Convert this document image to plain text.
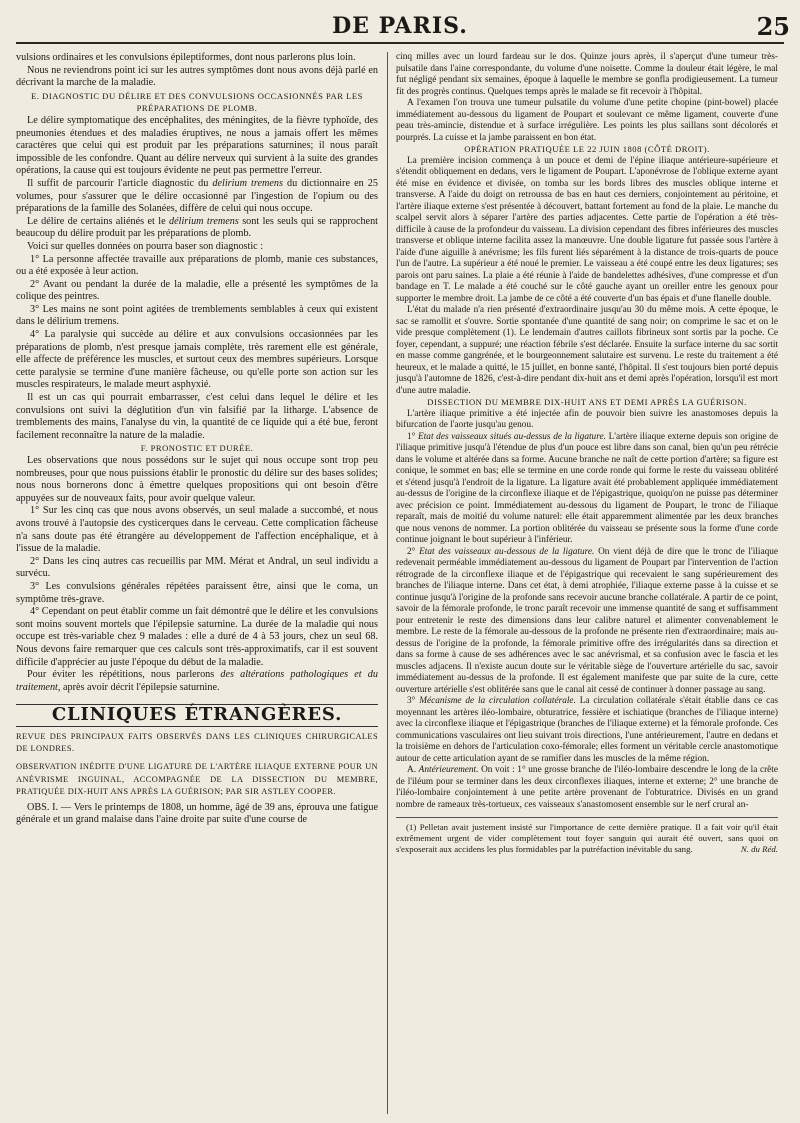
DE PARIS.	25

vulsions ordinaires et les convulsions épileptiformes, dont nous parlerons plus loin.

Nous ne reviendrons point ici sur les autres symptômes dont nous avons déjà parlé en décrivant la marche de la maladie.

E. DIAGNOSTIC DU DÉLIRE ET DES CONVULSIONS OCCASIONNÉS PAR LES PRÉPARATIONS DE PLOMB.

Le délire symptomatique des encéphalites, des méningites, de la fièvre typhoïde, des pneumonies étendues et des maladies éruptives, ne nous a jamais offert les mêmes caractères que celui qui est produit par les préparations saturnines; il nous paraît impossible de les confondre. Quant au délire nerveux qui survient à la suite des grandes opérations, la cause qui est toujours évidente ne peut pas permettre l'erreur.

Il suffit de parcourir l'article diagnostic du delirium tremens du dictionnaire en 25 volumes, pour s'assurer que le délire occasionné par l'ingestion de l'opium ou des préparations de la famille des Solanées, diffère de celui qui nous occupe.

Le délire de certains aliénés et le délirium tremens sont les seuls qui se rapprochent beaucoup du délire produit par les préparations de plomb.

Voici sur quelles données on pourra baser son diagnostic :

1° La personne affectée travaille aux préparations de plomb, manie ces substances, ou a été exposée à leur action.

2° Avant ou pendant la durée de la maladie, elle a présenté les symptômes de la colique des peintres.

3° Les mains ne sont point agitées de tremblements semblables à ceux qui existent dans le délirium tremens.

4° La paralysie qui succède au délire et aux convulsions occasionnées par les préparations de plomb, n'est presque jamais complète, très rarement elle est générale, elle affecte de préférence les muscles, et surtout ceux des membres supérieurs. Lorsque cette paralysie se termine d'une manière fâcheuse, ou qu'elle porte son action sur les muscles respirateurs, le malade meurt asphyxié.

Il est un cas qui pourrait embarrasser, c'est celui dans lequel le délire et les convulsions ont suivi la déglutition d'un vin falsifié par la litharge. L'absence de tremblements des mains, l'analyse du vin, la quantité de ce liquide qui a été bue, feront facilement reconnaître la nature de la maladie.

F. PRONOSTIC ET DURÉE.

Les observations que nous possédons sur le sujet qui nous occupe sont trop peu nombreuses, pour que nous puissions établir le pronostic du délire sur des bases solides; nous nous bornerons donc à émettre quelques propositions qui ont besoin d'être appuyées sur de nouveaux faits, pour avoir quelque valeur.

1° Sur les cinq cas que nous avons observés, un seul malade a succombé, et nous avons trouvé à l'autopsie des cysticerques dans le cerveau. Cette complication fâcheuse n'a sans doute pas été étrangère au développement de l'affection encéphalique, et à l'issue de la maladie.

2° Dans les cinq autres cas recueillis par MM. Mérat et Andral, un seul individu a survécu.

3° Les convulsions générales répétées paraissent être, ainsi que le coma, un symptôme très-grave.

4° Cependant on peut établir comme un fait démontré que le délire et les convulsions sont moins souvent mortels que l'épilepsie saturnine. La durée de la maladie qui nous occupe est très-variable chez 9 malades : elle a duré de 4 à 53 jours, chez un seul 68. Nous devons faire remarquer que ces calculs sont très-approximatifs, car il est souvent difficile d'apprécier au juste l'époque du début de la maladie.

Pour éviter les répétitions, nous parlerons des altérations pathologiques et du traitement, après avoir décrit l'épilepsie saturnine.

CLINIQUES ÉTRANGÈRES.

REVUE DES PRINCIPAUX FAITS OBSERVÉS DANS LES CLINIQUES CHIRURGICALES DE LONDRES.

OBSERVATION INÉDITE D'UNE LIGATURE DE L'ARTÈRE ILIAQUE EXTERNE POUR UN ANÉVRISME INGUINAL, ACCOMPAGNÉE DE LA DISSECTION DU MEMBRE, PRATIQUÉE DIX-HUIT ANS APRÈS LA GUÉRISON; PAR SIR ASTLEY COOPER.

OBS. I. — Vers le printemps de 1808, un homme, âgé de 39 ans, éprouva une fatigue générale et un grand malaise dans l'aine droite par suite d'une course de

cinq milles avec un lourd fardeau sur le dos. Quinze jours après, il s'aperçut d'une tumeur très-pulsatile dans l'aine correspondante, du volume d'une noisette. Comme la douleur était légère, le mal fut négligé pendant six semaines, époque à laquelle le membre se gonfla prodigieusement. La tumeur fit des progrès continus. Quelques temps après le malade se fit recevoir à l'hôpital.

A l'examen l'on trouva une tumeur pulsatile du volume d'une petite chopine (pint-bowel) placée immédiatement au-dessous du ligament de Poupart et soulevant ce même ligament, couverte d'une peau très-amincie, distendue et à surface irrégulière. Les points les plus saillans sont décolorés et pourprés. La cuisse et la jambe paraissent en bon état.

OPÉRATION PRATIQUÉE LE 22 JUIN 1808 (CÔTÉ DROIT).

La première incision commença à un pouce et demi de l'épine iliaque antérieure-supérieure et s'étendit obliquement en dedans, vers le ligament de Poupart. L'aponévrose de l'oblique externe ayant été mise en évidence et divisée, on tomba sur les bords libres des muscles oblique interne et transverse. A l'aide du doigt on retroussa de bas en haut ces derniers, conjointement au péritoine, et l'artère iliaque externe s'est présentée à découvert, battant fortement au fond de la plaie. Le manche du scalpel servit alors à séparer l'artère des parties adjacentes. Cette partie de l'opération a été très-difficile à cause de la profondeur du vaisseau. La division cependant des fibres inférieures des muscles transverse et oblique interne facilita assez la manœuvre. Une double ligature fut passée sous l'artère à l'aide d'une aiguille à anévrisme; les fils furent liés séparément à la distance de trois-quarts de pouce l'un de l'autre. La supérieur a été noué le premier. Le vaisseau a été coupé entre les deux ligatures; ses parois ont paru saines. La plaie a été réunie à l'aide de bandelettes adhésives, d'une compresse et d'un bandage en T. Le malade a été couché sur le côté gauche ayant un oreiller entre les genoux pour supporter le membre droit. La jambe de ce côté a été couverte d'un bas épais et d'une flanelle double.

L'état du malade n'a rien présenté d'extraordinaire jusqu'au 30 du même mois. A cette époque, le sac se ramollit et s'ouvre. Sortie spontanée d'une quantité de sang noir; on comprime le sac et on le vide presque complètement (1). Le lendemain d'autres caillots fibrineux sont sortis par la poche. Ce foyer, cependant, a suppuré; une réaction fébrile s'est déclarée. Ensuite la surface interne du sac sortit en masse comme gangrénée, et le bourgeonnement salutaire est survenu. Le reste du traitement a été heureux, et le malade a quitté, le 15 juillet, en bonne santé, l'hôpital. Il s'est toujours bien porté depuis jusqu'à l'automne de 1826, c'est-à-dire pendant dix-huit ans et demi après l'opération, lorsqu'il est mort d'une autre maladie.

DISSECTION DU MEMBRE DIX-HUIT ANS ET DEMI APRÈS LA GUÉRISON.

L'artère iliaque primitive a été injectée afin de pouvoir bien suivre les anastomoses depuis la bifurcation de l'aorte jusqu'au genou.

1° Etat des vaisseaux situés au-dessus de la ligature. L'artère iliaque externe depuis son origine de l'iliaque primitive jusqu'à l'étendue de plus d'un pouce est libre dans son canal, bien qu'un peu rétrécie dans le volume et altérée dans sa forme. Aucune branche ne naît de cette portion d'artère; sa figure est conique, le sommet en bas; elle se termine en une corde ronde qui forme le reste du vaisseau oblitéré et s'étend jusqu'à l'endroit de la ligature. La ligature avait été probablement appliquée immédiatement au-dessus de l'origine de la circonflexe iliaque et de l'épigastrique, quoiqu'on ne puisse pas déterminer avec précision ce point. Immédiatement au-dessous du ligament de Poupart, le tronc de l'iliaque reparaît, mais de moitié du volume naturel: elle était apparemment alimentée par les deux branches que nous venons de nommer. La portion oblitérée du vaisseau se présente sous la forme d'une corde continue joignant le bout supérieur à l'inférieur.

2° Etat des vaisseaux au-dessous de la ligature. On vient déjà de dire que le tronc de l'iliaque redevenait perméable immédiatement au-dessous du ligament de Poupart par l'intervention de l'action rétrograde de la circonflexe iliaque et de l'épigastrique qui recevaient le sang supérieurement des branches de l'iliaque interne. Dans cet état, à demi atrophiée, l'iliaque externe passe à la cuisse et se continue jusqu'à l'origine de la profonde sans recevoir aucune branche collatérale. A partir de ce point, savoir de la fémorale profonde, le tronc paraît recevoir une immense quantité de sang et suffisamment pour entretenir le reste des dimensions dans leur calibre naturel et alimenter convenablement le membre. Le reste de la fémorale au-dessous de la profonde ne présente rien d'extraordinaire; mais au-dessus de l'origine de la profonde, la fémorale primitive offre des irrégularités dans sa direction et dans sa forme à cause de ses adhérences avec le sac anévrismal, et sa confusion avec le fascia et les muscles adjacens. Il n'existe aucun doute sur le véritable siège de l'ouverture artérielle du sac, savoir immédiatement au-dessus de la profonde. Il est également manifeste que par suite de la cure, cette ouverture artérielle s'est oblitérée sans que le canal ait cessé de continuer à donner passage au sang.

3° Mécanisme de la circulation collatérale. La circulation collatérale s'était établie dans ce cas moyennant les artères iléo-lombaire, obturatrice, fessière et ischiatique (branches de l'iliaque interne) avec la circonflexe iliaque et l'épigastrique (branches de l'iliaque externe) et la fémorale profonde. Ces communications vasculaires ont lieu suivant trois directions, l'une antérieurement, l'autre en dedans et la troisième en dehors de l'articulation coxo-fémorale; elles forment un véritable cercle anastomotique autour de cette articulation ayant de se ramifier dans les muscles de la même région.

A. Antérieurement. On voit : 1° une grosse branche de l'iléo-lombaire descendre le long de la crête de l'iléum pour se terminer dans les deux circonflexes iliaques, interne et externe; 2° une branche de l'iléo-lombaire conjointement à une petite artère provenant de l'obturatrice. Divisés en un grand nombre de rameaux très-tortueux, ces vaisseaux s'anastomosent ensemble sur le nerf crural an-

(1) Pelletan avait justement insisté sur l'importance de cette dernière pratique. Il a fait voir qu'il était extrêmement urgent de vider complètement tout foyer sanguin qui aurait été ouvert, sans quoi on s'exposerait aux accidens les plus formidables par la putréfaction inévitable du sang.	N. du Réd.
